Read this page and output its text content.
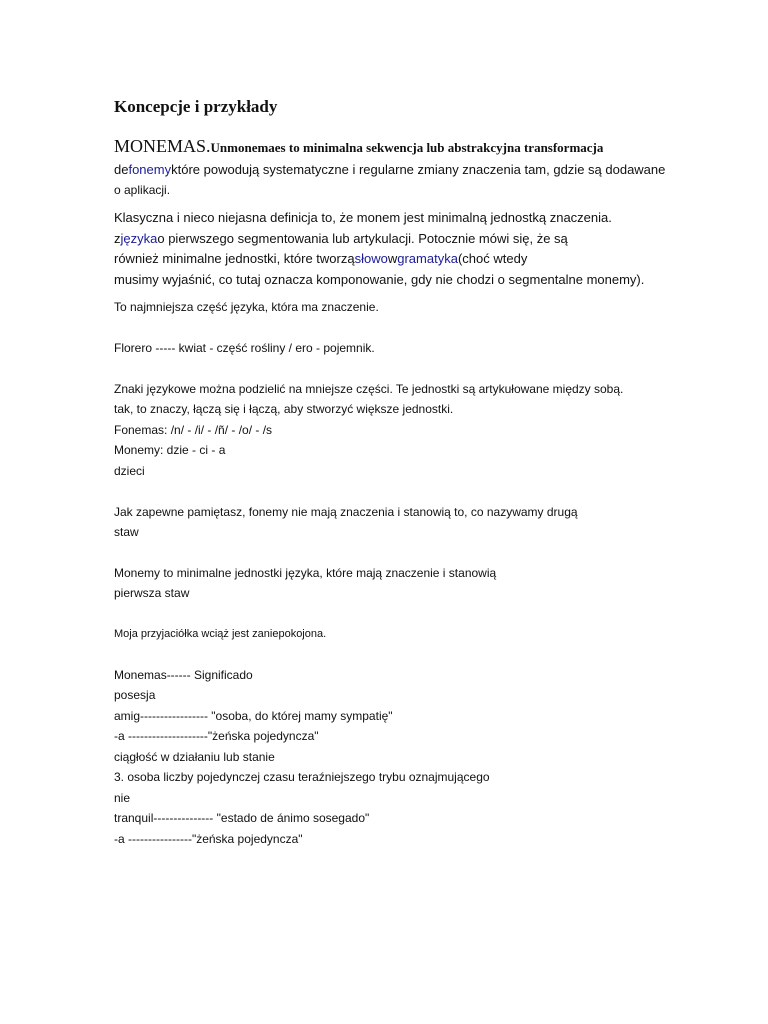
Koncepcje i przykłady
MONEMAS.Unmonemaes to minimalna sekwencja lub abstrakcyjna transformacja
defonemyktóre powodują systematyczne i regularne zmiany znaczenia tam, gdzie są dodawane
o aplikacji.
Klasyczna i nieco niejasna definicja to, że monem jest minimalną jednostką znaczenia.
zjęzykao pierwszego segmentowania lub artykulacji. Potocznie mówi się, że są
również minimalne jednostki, które tworząsłowowgramatyka(choć wtedy
musimy wyjaśnić, co tutaj oznacza komponowanie, gdy nie chodzi o segmentalne monemy).
To najmniejsza część języka, która ma znaczenie.
Florero ----- kwiat - część rośliny / ero - pojemnik.
Znaki językowe można podzielić na mniejsze części. Te jednostki są artykułowane między sobą.
tak, to znaczy, łączą się i łączą, aby stworzyć większe jednostki.
Fonemas: /n/ - /i/ - /ñ/ - /o/ - /s
Monemy: dzie - ci - a
dzieci
Jak zapewne pamiętasz, fonemy nie mają znaczenia i stanowią to, co nazywamy drugą
staw
Monemy to minimalne jednostki języka, które mają znaczenie i stanowią
pierwsza staw
Moja przyjaciółka wciąż jest zaniepokojona.
Monemas------ Significado
posesja
amig----------------- "osoba, do której mamy sympatię"
-a --------------------"żeńska pojedyncza"
ciągłość w działaniu lub stanie
3. osoba liczby pojedynczej czasu teraźniejszego trybu oznajmującego
nie
tranquil--------------- "estado de ánimo sosegado"
-a ----------------"żeńska pojedyncza"
